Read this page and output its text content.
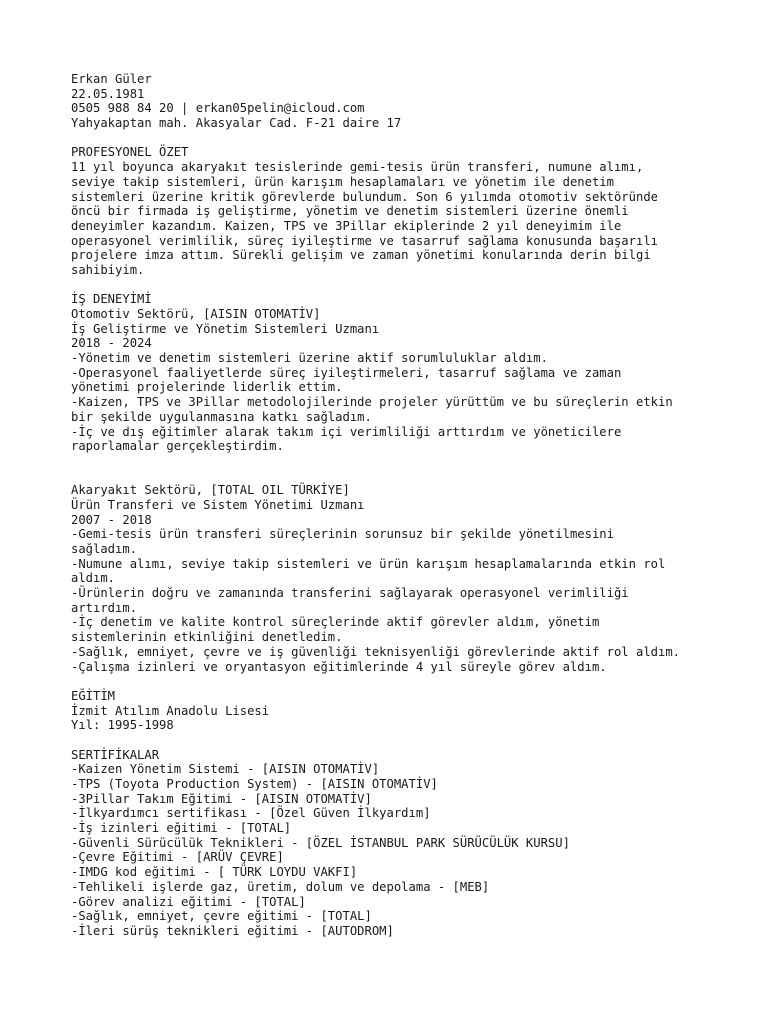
Erkan Güler
22.05.1981
0505 988 84 20 | erkan05pelin@icloud.com
Yahyakaptan mah. Akasyalar Cad. F-21 daire 17
PROFESYONEL ÖZET
11 yıl boyunca akaryakıt tesislerinde gemi-tesis ürün transferi, numune alımı,
seviye takip sistemleri, ürün karışım hesaplamaları ve yönetim ile denetim
sistemleri üzerine kritik görevlerde bulundum. Son 6 yılımda otomotiv sektöründe
öncü bir firmada iş geliştirme, yönetim ve denetim sistemleri üzerine önemli
deneyimler kazandım. Kaizen, TPS ve 3Pillar ekiplerinde 2 yıl deneyimim ile
operasyonel verimlilik, süreç iyileştirme ve tasarruf sağlama konusunda başarılı
projelere imza attım. Sürekli gelişim ve zaman yönetimi konularında derin bilgi
sahibiyim.
İŞ DENEYİMİ
Otomotiv Sektörü, [AISIN OTOMATİV]
İş Geliştirme ve Yönetim Sistemleri Uzmanı
2018 - 2024
-Yönetim ve denetim sistemleri üzerine aktif sorumluluklar aldım.
-Operasyonel faaliyetlerde süreç iyileştirmeleri, tasarruf sağlama ve zaman
yönetimi projelerinde liderlik ettim.
-Kaizen, TPS ve 3Pillar metodolojilerinde projeler yürüttüm ve bu süreçlerin etkin
bir şekilde uygulanmasına katkı sağladım.
-İç ve dış eğitimler alarak takım içi verimliliği arttırdım ve yöneticilere
raporlamalar gerçekleştirdim.
Akaryakıt Sektörü, [TOTAL OIL TÜRKİYE]
Ürün Transferi ve Sistem Yönetimi Uzmanı
2007 - 2018
-Gemi-tesis ürün transferi süreçlerinin sorunsuz bir şekilde yönetilmesini
sağladım.
-Numune alımı, seviye takip sistemleri ve ürün karışım hesaplamalarında etkin rol
aldım.
-Ürünlerin doğru ve zamanında transferini sağlayarak operasyonel verimliliği
artırdım.
-İç denetim ve kalite kontrol süreçlerinde aktif görevler aldım, yönetim
sistemlerinin etkinliğini denetledim.
-Sağlık, emniyet, çevre ve iş güvenliği teknisyenliği görevlerinde aktif rol aldım.
-Çalışma izinleri ve oryantasyon eğitimlerinde 4 yıl süreyle görev aldım.
EĞİTİM
İzmit Atılım Anadolu Lisesi
Yıl: 1995-1998
SERTİFİKALAR
-Kaizen Yönetim Sistemi - [AISIN OTOMATİV]
-TPS (Toyota Production System) - [AISIN OTOMATİV]
-3Pillar Takım Eğitimi - [AISIN OTOMATİV]
-İlkyardımcı sertifikası - [Özel Güven İlkyardım]
-İş izinleri eğitimi - [TOTAL]
-Güvenli Sürücülük Teknikleri - [ÖZEL İSTANBUL PARK SÜRÜCÜLÜK KURSU]
-Çevre Eğitimi - [ARÜV ÇEVRE]
-IMDG kod eğitimi - [ TÜRK LOYDU VAKFI]
-Tehlikeli işlerde gaz, üretim, dolum ve depolama - [MEB]
-Görev analizi eğitimi - [TOTAL]
-Sağlık, emniyet, çevre eğitimi - [TOTAL]
-İleri sürüş teknikleri eğitimi - [AUTODROM]
